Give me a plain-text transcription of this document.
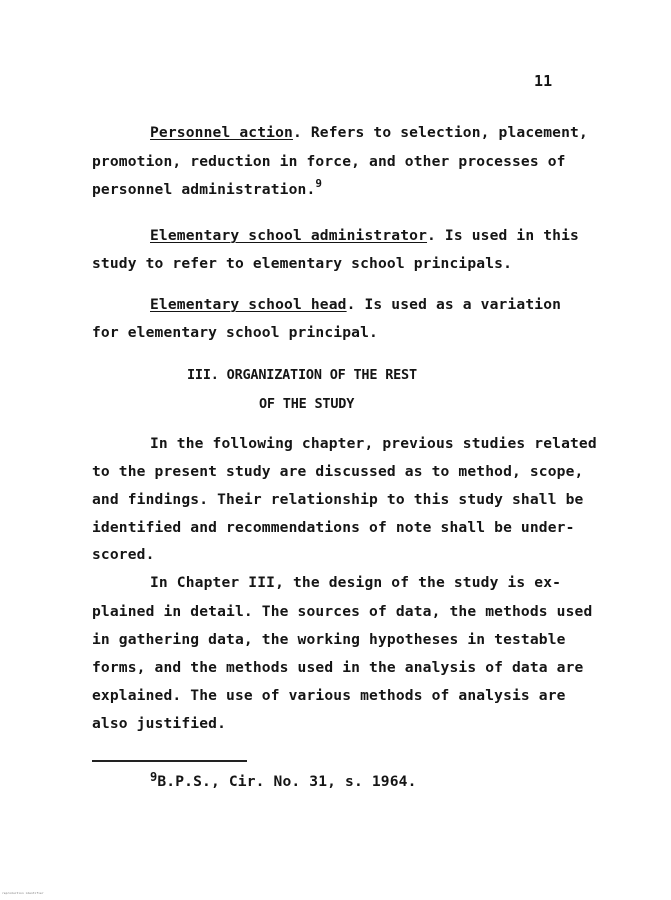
11
Personnel action. Refers to selection, placement,
promotion, reduction in force, and other processes of
personnel administration.$^9$
Elementary school administrator. Is used in this
study to refer to elementary school principals.
Elementary school head. Is used as a variation
for elementary school principal.
III. ORGANIZATION OF THE REST
OF THE STUDY
In the following chapter, previous studies related
to the present study are discussed as to method, scope,
and findings. Their relationship to this study shall be
identified and recommendations of note shall be under-
scored.
In Chapter III, the design of the study is ex-
plained in detail. The sources of data, the methods used
in gathering data, the working hypotheses in testable
forms, and the methods used in the analysis of data are
explained. The use of various methods of analysis are
also justified.
$^9$B.P.S., Cir. No. 31, s. 1964.
reproduction identifier
